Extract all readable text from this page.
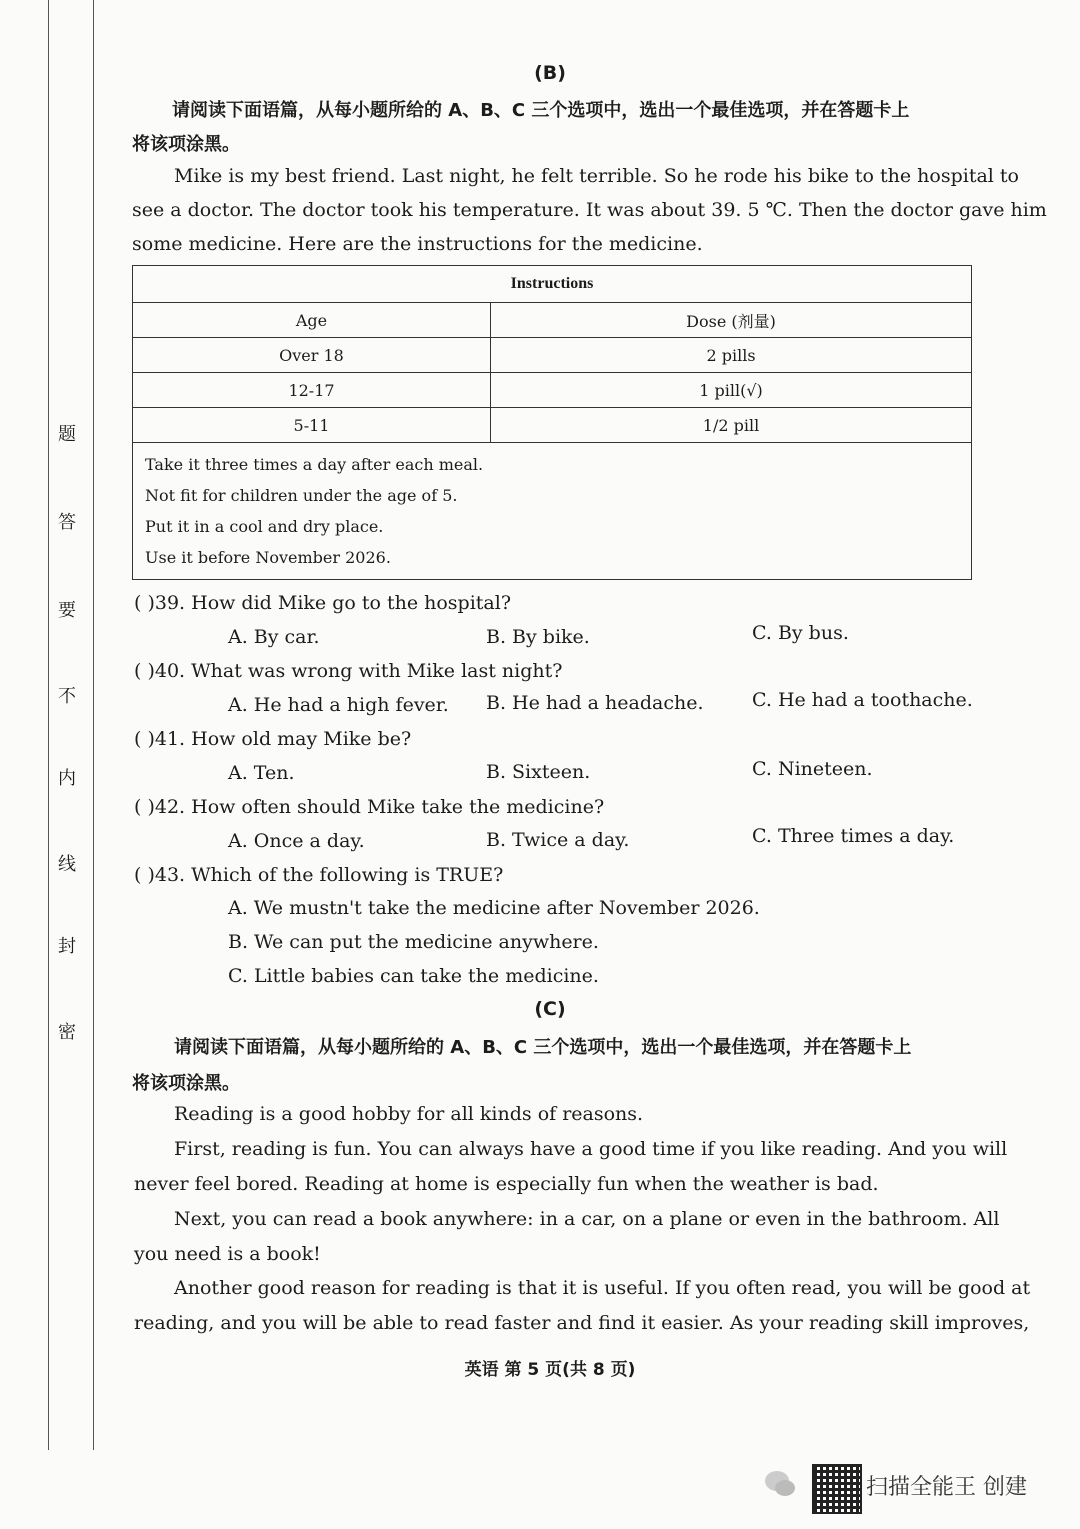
题
答
要
不
内
线
封
密
(B)
请阅读下面语篇，从每小题所给的 A、B、C 三个选项中，选出一个最佳选项，并在答题卡上
将该项涂黑。
Mike is my best friend. Last night, he felt terrible. So he rode his bike to the hospital to
see a doctor. The doctor took his temperature. It was about 39. 5 ℃. Then the doctor gave him
some medicine. Here are the instructions for the medicine.
Instructions	
Age	Dose (剂量)
Over 18	2 pills
12-17	1 pill(√)
5-11	1/2 pill

Take it three times a day after each meal.
Not fit for children under the age of 5.
Put it in a cool and dry place.
Use it before November 2026.	
( )39. How did Mike go to the hospital?
A. By car.	B. By bike.	C. By bus.
( )40. What was wrong with Mike last night?
A. He had a high fever. B. He had a headache.	C. He had a toothache.
( )41. How old may Mike be?
A. Ten.	B. Sixteen.	C. Nineteen.
( )42. How often should Mike take the medicine?
A. Once a day.	B. Twice a day.	C. Three times a day.
( )43. Which of the following is TRUE?
A. We mustn't take the medicine after November 2026.
B. We can put the medicine anywhere.
C. Little babies can take the medicine.
(C)
请阅读下面语篇，从每小题所给的 A、B、C 三个选项中，选出一个最佳选项，并在答题卡上
将该项涂黑。
Reading is a good hobby for all kinds of reasons.
First, reading is fun. You can always have a good time if you like reading. And you will
never feel bored. Reading at home is especially fun when the weather is bad.
Next, you can read a book anywhere: in a car, on a plane or even in the bathroom. All
you need is a book!
Another good reason for reading is that it is useful. If you often read, you will be good at
reading, and you will be able to read faster and find it easier. As your reading skill improves,
英语 第 5 页(共 8 页)
扫描全能王 创建
